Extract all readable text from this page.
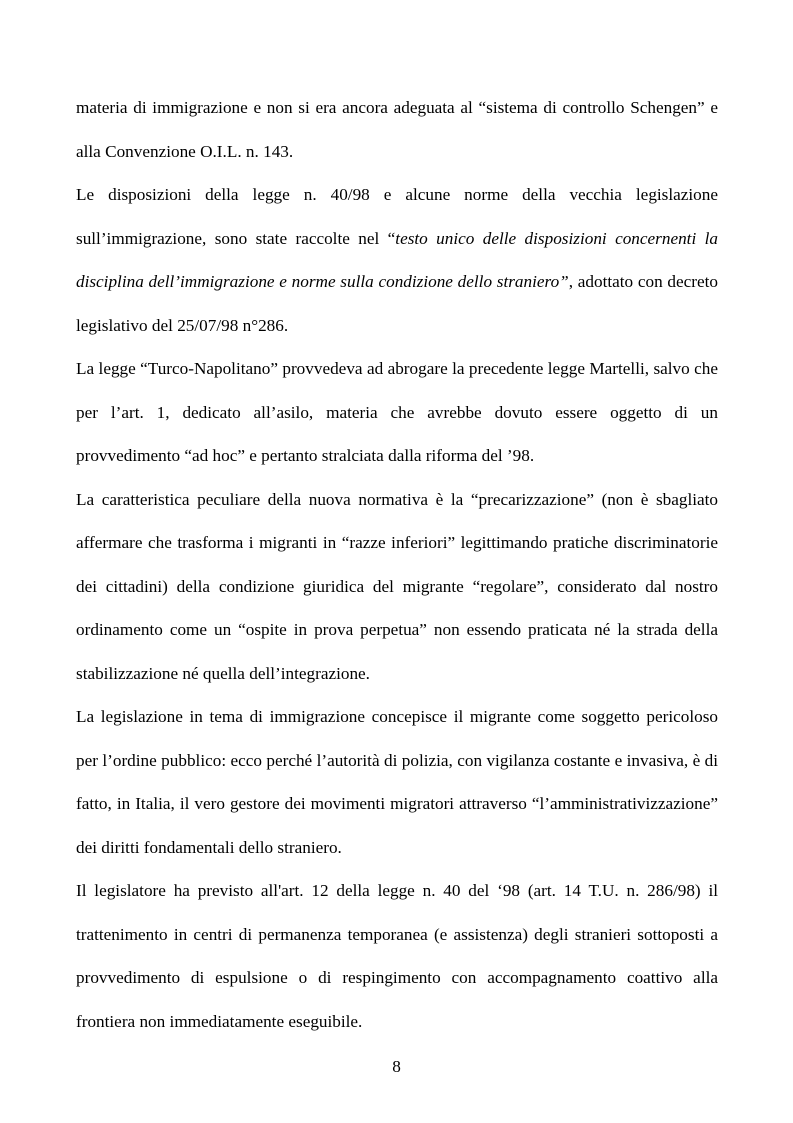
materia di immigrazione e non si era ancora adeguata al “sistema di controllo Schengen” e alla Convenzione O.I.L. n. 143.

Le disposizioni della legge n. 40/98 e alcune norme della vecchia legislazione sull’immigrazione, sono state raccolte nel “testo unico delle disposizioni concernenti la disciplina dell’immigrazione e norme sulla condizione dello straniero”, adottato con decreto legislativo del 25/07/98 n°286.

La legge “Turco-Napolitano” provvedeva ad abrogare la precedente legge Martelli, salvo che per l’art. 1, dedicato all’asilo, materia che avrebbe dovuto essere oggetto di un provvedimento “ad hoc” e pertanto stralciata dalla riforma del ’98.

La caratteristica peculiare della nuova normativa è la “precarizzazione” (non è sbagliato affermare che trasforma i migranti in “razze inferiori” legittimando pratiche discriminatorie dei cittadini) della condizione giuridica del migrante “regolare”, considerato dal nostro ordinamento come un “ospite in prova perpetua” non essendo praticata né la strada della stabilizzazione né quella dell’integrazione.

La legislazione in tema di immigrazione concepisce il migrante come soggetto pericoloso per l’ordine pubblico: ecco perché l’autorità di polizia, con vigilanza costante e invasiva, è di fatto, in Italia, il vero gestore dei movimenti migratori attraverso “l’amministrativizzazione” dei diritti fondamentali dello straniero.

Il legislatore ha previsto all'art. 12 della legge n. 40 del ‘98 (art. 14 T.U. n. 286/98) il trattenimento in centri di permanenza temporanea (e assistenza) degli stranieri sottoposti a provvedimento di espulsione o di respingimento con accompagnamento coattivo alla frontiera non immediatamente eseguibile.

8
